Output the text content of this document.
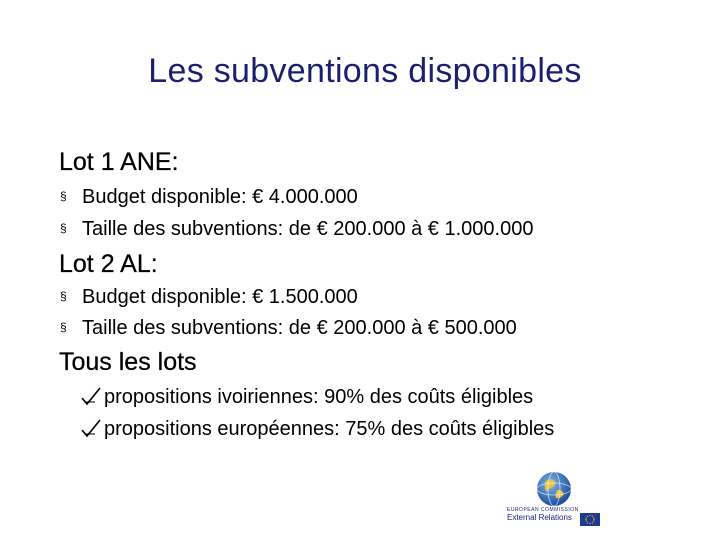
Les subventions disponibles
Lot 1 ANE:
§ Budget disponible: € 4.000.000
§ Taille des subventions: de € 200.000 à € 1.000.000
Lot 2 AL:
§ Budget disponible: € 1.500.000
§ Taille des subventions: de € 200.000 à € 500.000
Tous les lots
propositions ivoiriennes: 90% des coûts éligibles
propositions européennes: 75% des coûts éligibles
EUROPEAN COMMISSION
External Relations
